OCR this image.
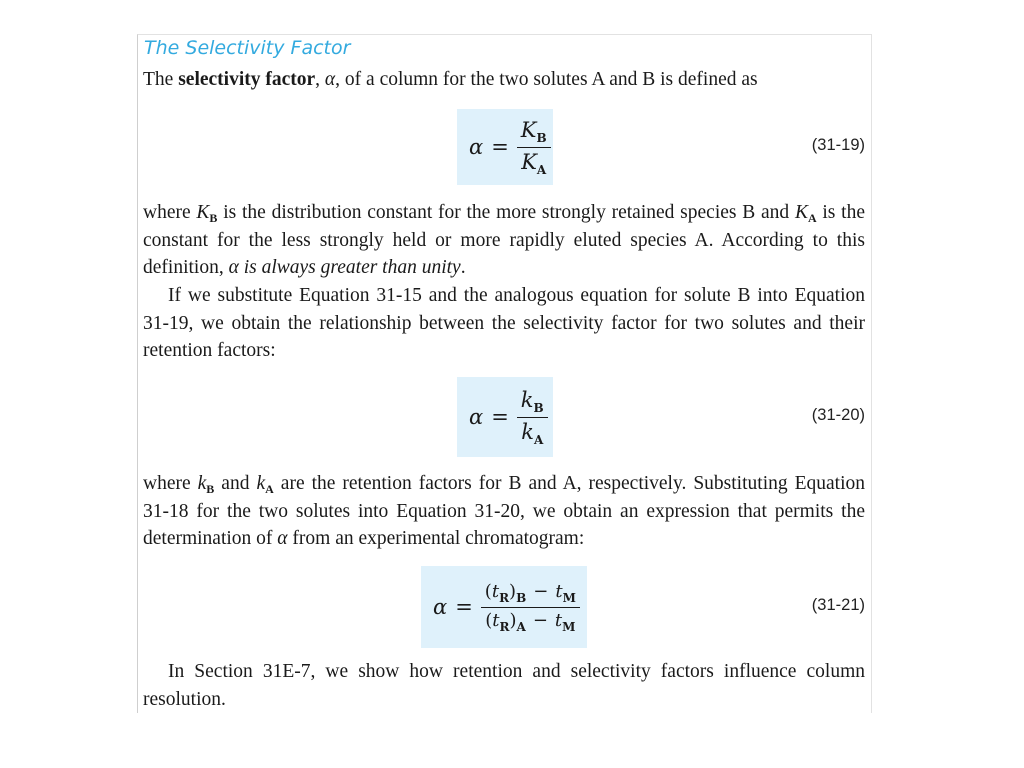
The Selectivity Factor
The selectivity factor, α, of a column for the two solutes A and B is defined as
$\alpha = \frac{K_B}{K_A}$	(31-19)
where $K_B$ is the distribution constant for the more strongly retained species B and $K_A$ is the constant for the less strongly held or more rapidly eluted species A. According to this definition, α is always greater than unity.
If we substitute Equation 31-15 and the analogous equation for solute B into Equation 31-19, we obtain the relationship between the selectivity factor for two solutes and their retention factors:
$\alpha = \frac{k_B}{k_A}$	(31-20)
where $k_B$ and $k_A$ are the retention factors for B and A, respectively. Substituting Equation 31-18 for the two solutes into Equation 31-20, we obtain an expression that permits the determination of α from an experimental chromatogram:
$\alpha = \frac{(t_R)_B - t_M}{(t_R)_A - t_M}$	(31-21)
In Section 31E-7, we show how retention and selectivity factors influence column resolution.
